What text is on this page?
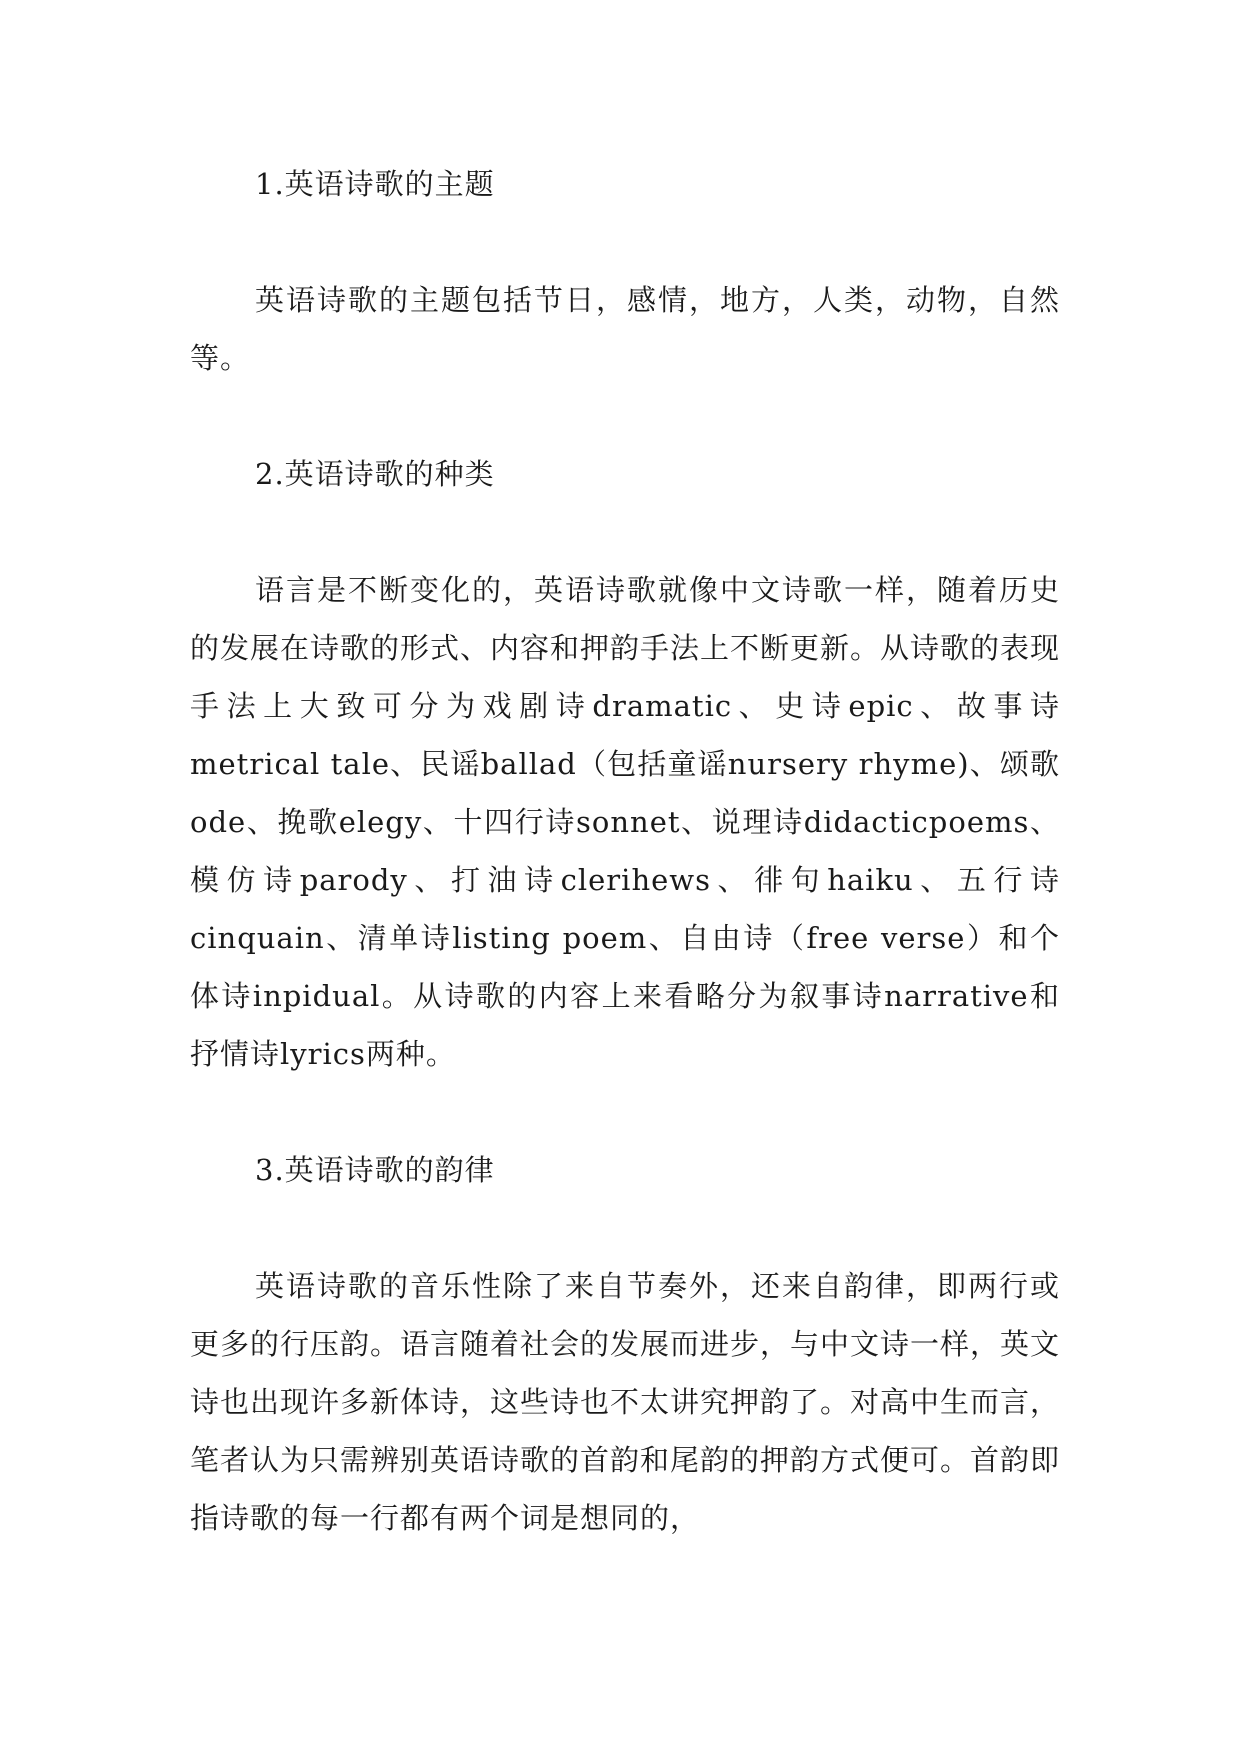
1.英语诗歌的主题

英语诗歌的主题包括节日，感情，地方，人类，动物，自然等。

2.英语诗歌的种类

语言是不断变化的，英语诗歌就像中文诗歌一样，随着历史的发展在诗歌的形式、内容和押韵手法上不断更新。从诗歌的表现手法上大致可分为戏剧诗dramatic、史诗epic、故事诗metrical tale、民谣ballad（包括童谣nursery rhyme)、颂歌ode、挽歌elegy、十四行诗sonnet、说理诗didacticpoems、模仿诗parody、打油诗clerihews、徘句haiku、五行诗cinquain、清单诗listing poem、自由诗（free verse）和个体诗inpidual。从诗歌的内容上来看略分为叙事诗narrative和抒情诗lyrics两种。

3.英语诗歌的韵律

英语诗歌的音乐性除了来自节奏外，还来自韵律，即两行或更多的行压韵。语言随着社会的发展而进步，与中文诗一样，英文诗也出现许多新体诗，这些诗也不太讲究押韵了。对高中生而言，笔者认为只需辨别英语诗歌的首韵和尾韵的押韵方式便可。首韵即指诗歌的每一行都有两个词是想同的，
